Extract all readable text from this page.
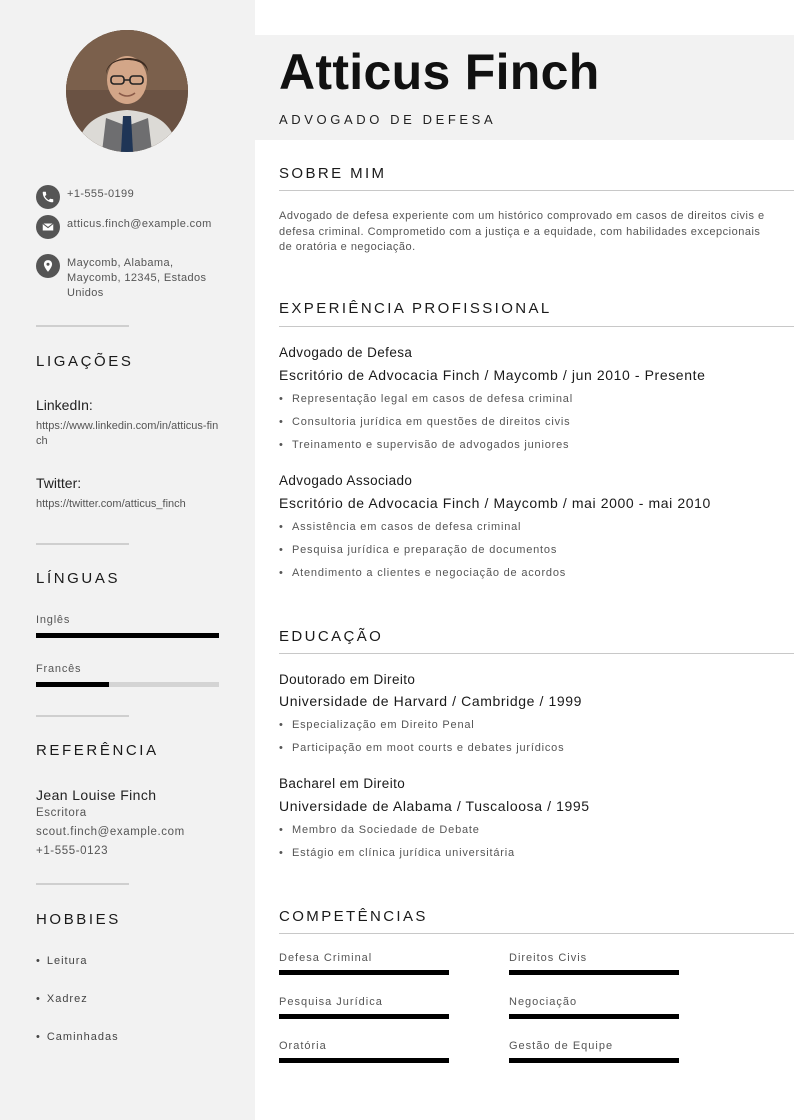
+1-555-0199
atticus.finch@example.com
Maycomb, Alabama, Maycomb, 12345, Estados Unidos
LIGAÇÕES
LinkedIn:
https://www.linkedin.com/in/atticus-finch
Twitter:
https://twitter.com/atticus_finch
LÍNGUAS
Inglês
Francês
REFERÊNCIA
Jean Louise Finch
Escritora
scout.finch@example.com
+1-555-0123
HOBBIES
• Leitura
• Xadrez
• Caminhadas
Atticus Finch
ADVOGADO DE DEFESA
SOBRE MIM
Advogado de defesa experiente com um histórico comprovado em casos de direitos civis e defesa criminal. Comprometido com a justiça e a equidade, com habilidades excepcionais de oratória e negociação.
EXPERIÊNCIA PROFISSIONAL
Advogado de Defesa
Escritório de Advocacia Finch / Maycomb / jun 2010 - Presente
• Representação legal em casos de defesa criminal
• Consultoria jurídica em questões de direitos civis
• Treinamento e supervisão de advogados juniores
Advogado Associado
Escritório de Advocacia Finch / Maycomb / mai 2000 - mai 2010
• Assistência em casos de defesa criminal
• Pesquisa jurídica e preparação de documentos
• Atendimento a clientes e negociação de acordos
EDUCAÇÃO
Doutorado em Direito
Universidade de Harvard / Cambridge / 1999
• Especialização em Direito Penal
• Participação em moot courts e debates jurídicos
Bacharel em Direito
Universidade de Alabama / Tuscaloosa / 1995
• Membro da Sociedade de Debate
• Estágio em clínica jurídica universitária
COMPETÊNCIAS
Defesa Criminal	Direitos Civis
Pesquisa Jurídica	Negociação
Oratória	Gestão de Equipe
